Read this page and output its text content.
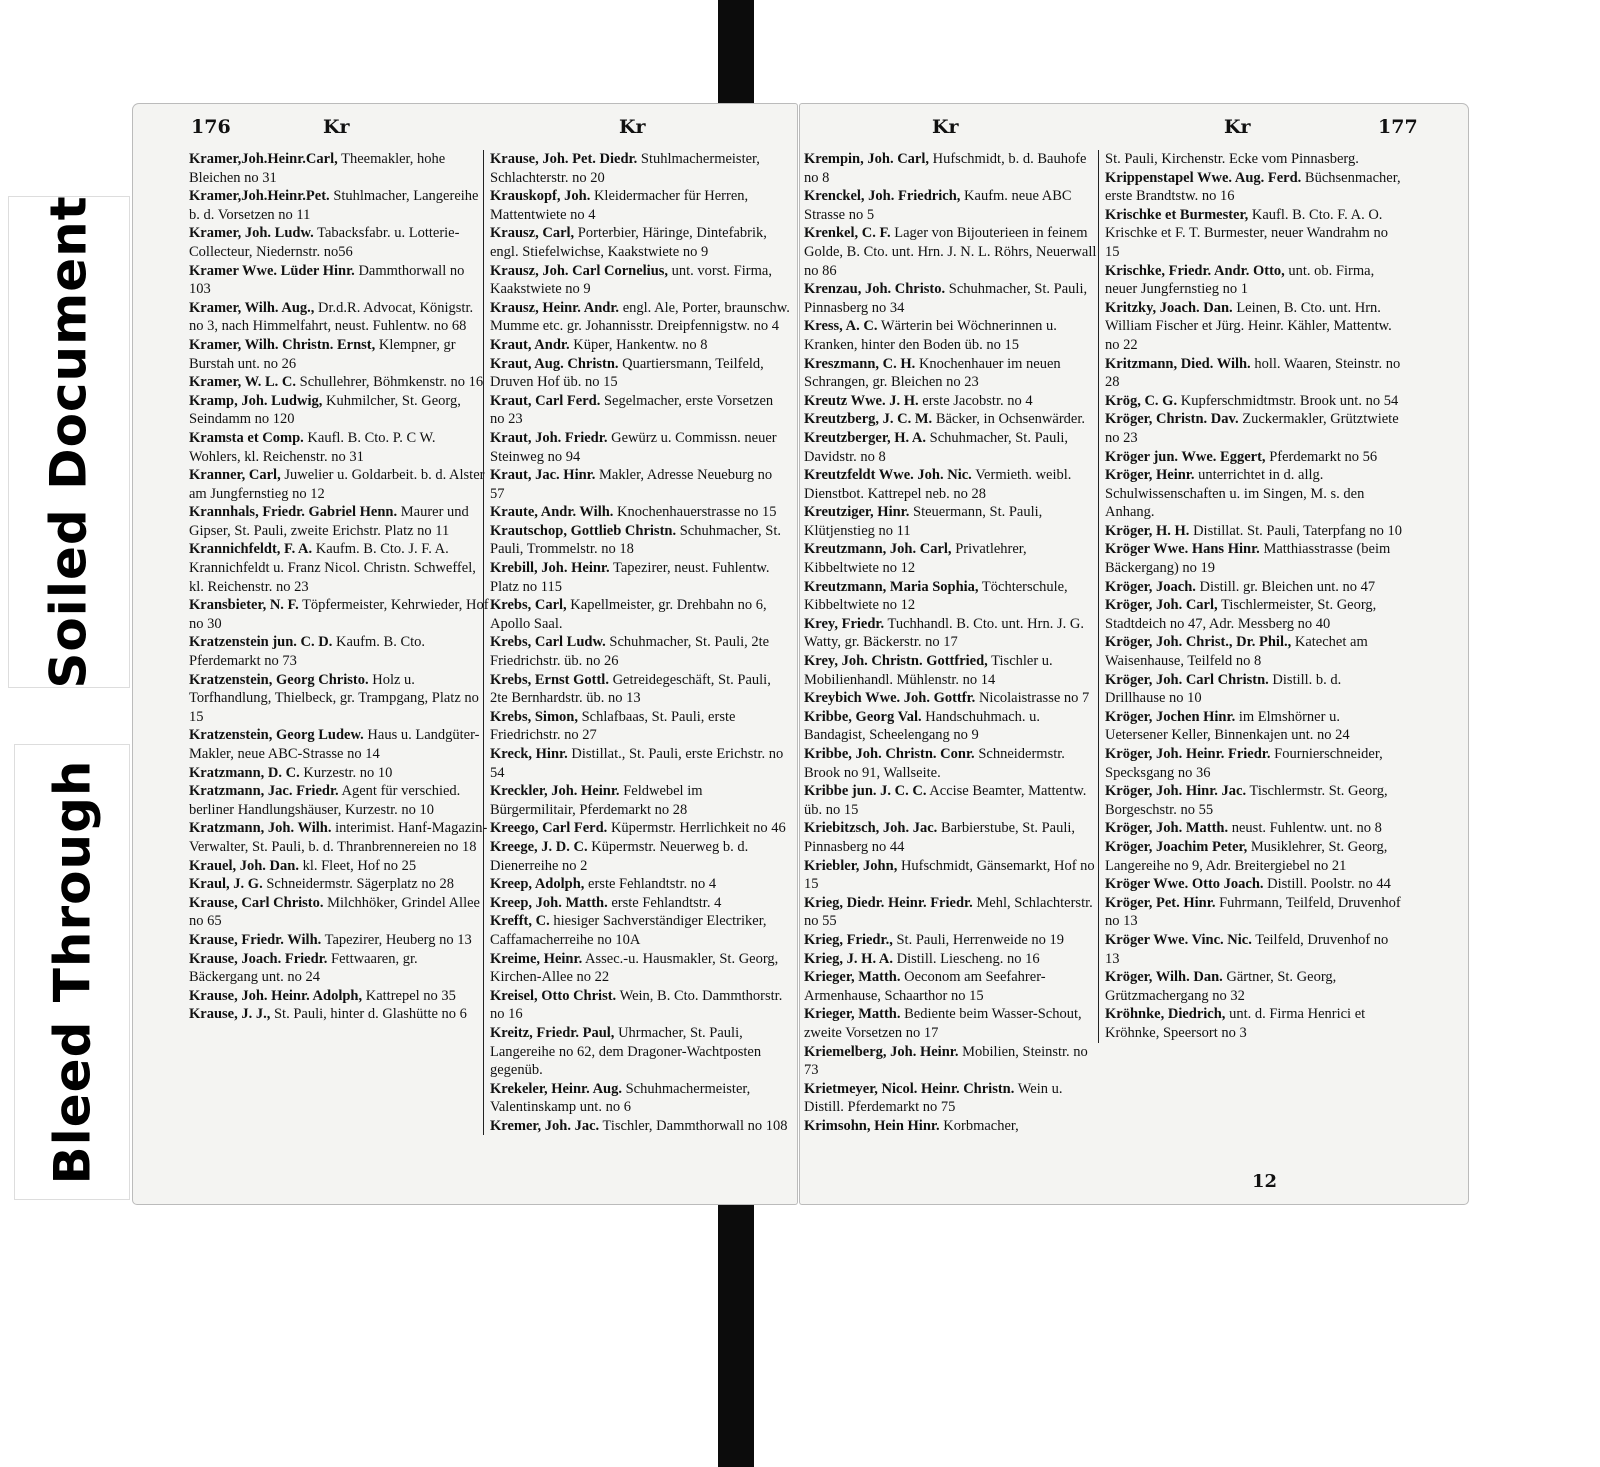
Soiled Document
Bleed Through
176	Kr	Kr

Kramer,Joh.Heinr.Carl, Theemakler, hohe Bleichen no 31

Kramer,Joh.Heinr.Pet. Stuhlmacher, Langereihe b. d. Vorsetzen no 11

Kramer, Joh. Ludw. Tabacksfabr. u. Lotterie-Collecteur, Niedernstr. no56

Kramer Wwe. Lüder Hinr. Dammthorwall no 103

Kramer, Wilh. Aug., Dr.d.R. Advocat, Königstr. no 3, nach Himmelfahrt, neust. Fuhlentw. no 68

Kramer, Wilh. Christn. Ernst, Klempner, gr Burstah unt. no 26

Kramer, W. L. C. Schullehrer, Böhmkenstr. no 16

Kramp, Joh. Ludwig, Kuhmilcher, St. Georg, Seindamm no 120

Kramsta et Comp. Kaufl. B. Cto. P. C W. Wohlers, kl. Reichenstr. no 31

Kranner, Carl, Juwelier u. Goldarbeit. b. d. Alster am Jungfernstieg no 12

Krannhals, Friedr. Gabriel Henn. Maurer und Gipser, St. Pauli, zweite Erichstr. Platz no 11

Krannichfeldt, F. A. Kaufm. B. Cto. J. F. A. Krannichfeldt u. Franz Nicol. Christn. Schweffel, kl. Reichenstr. no 23

Kransbieter, N. F. Töpfermeister, Kehrwieder, Hof no 30

Kratzenstein jun. C. D. Kaufm. B. Cto. Pferdemarkt no 73

Kratzenstein, Georg Christo. Holz u. Torfhandlung, Thielbeck, gr. Trampgang, Platz no 15

Kratzenstein, Georg Ludew. Haus u. Landgüter-Makler, neue ABC-Strasse no 14

Kratzmann, D. C. Kurzestr. no 10

Kratzmann, Jac. Friedr. Agent für verschied. berliner Handlungshäuser, Kurzestr. no 10

Kratzmann, Joh. Wilh. interimist. Hanf-Magazin-Verwalter, St. Pauli, b. d. Thranbrennereien no 18

Krauel, Joh. Dan. kl. Fleet, Hof no 25

Kraul, J. G. Schneidermstr. Sägerplatz no 28

Krause, Carl Christo. Milchhöker, Grindel Allee no 65

Krause, Friedr. Wilh. Tapezirer, Heuberg no 13

Krause, Joach. Friedr. Fettwaaren, gr. Bäckergang unt. no 24

Krause, Joh. Heinr. Adolph, Kattrepel no 35

Krause, J. J., St. Pauli, hinter d. Glashütte no 6

Krause, Joh. Pet. Diedr. Stuhlmachermeister, Schlachterstr. no 20

Krauskopf, Joh. Kleidermacher für Herren, Mattentwiete no 4

Krausz, Carl, Porterbier, Häringe, Dintefabrik, engl. Stiefelwichse, Kaakstwiete no 9

Krausz, Joh. Carl Cornelius, unt. vorst. Firma, Kaakstwiete no 9

Krausz, Heinr. Andr. engl. Ale, Porter, braunschw. Mumme etc. gr. Johannisstr. Dreipfennigstw. no 4

Kraut, Andr. Küper, Hankentw. no 8

Kraut, Aug. Christn. Quartiersmann, Teilfeld, Druven Hof üb. no 15

Kraut, Carl Ferd. Segelmacher, erste Vorsetzen no 23

Kraut, Joh. Friedr. Gewürz u. Commissn. neuer Steinweg no 94

Kraut, Jac. Hinr. Makler, Adresse Neueburg no 57

Kraute, Andr. Wilh. Knochenhauerstrasse no 15

Krautschop, Gottlieb Christn. Schuhmacher, St. Pauli, Trommelstr. no 18

Krebill, Joh. Heinr. Tapezirer, neust. Fuhlentw. Platz no 115

Krebs, Carl, Kapellmeister, gr. Drehbahn no 6, Apollo Saal.

Krebs, Carl Ludw. Schuhmacher, St. Pauli, 2te Friedrichstr. üb. no 26

Krebs, Ernst Gottl. Getreidegeschäft, St. Pauli, 2te Bernhardstr. üb. no 13

Krebs, Simon, Schlafbaas, St. Pauli, erste Friedrichstr. no 27

Kreck, Hinr. Distillat., St. Pauli, erste Erichstr. no 54

Kreckler, Joh. Heinr. Feldwebel im Bürgermilitair, Pferdemarkt no 28

Kreego, Carl Ferd. Küpermstr. Herrlichkeit no 46

Kreege, J. D. C. Küpermstr. Neuerweg b. d. Dienerreihe no 2

Kreep, Adolph, erste Fehlandtstr. no 4

Kreep, Joh. Matth. erste Fehlandtstr. 4

Krefft, C. hiesiger Sachverständiger Electriker, Caffamacherreihe no 10A

Kreime, Heinr. Assec.-u. Hausmakler, St. Georg, Kirchen-Allee no 22

Kreisel, Otto Christ. Wein, B. Cto. Dammthorstr. no 16

Kreitz, Friedr. Paul, Uhrmacher, St. Pauli, Langereihe no 62, dem Dragoner-Wachtposten gegenüb.

Krekeler, Heinr. Aug. Schuhmachermeister, Valentinskamp unt. no 6

Kremer, Joh. Jac. Tischler, Dammthorwall no 108

Kr	Kr	177

Krempin, Joh. Carl, Hufschmidt, b. d. Bauhofe no 8

Krenckel, Joh. Friedrich, Kaufm. neue ABC Strasse no 5

Krenkel, C. F. Lager von Bijouterieen in feinem Golde, B. Cto. unt. Hrn. J. N. L. Röhrs, Neuerwall no 86

Krenzau, Joh. Christo. Schuhmacher, St. Pauli, Pinnasberg no 34

Kress, A. C. Wärterin bei Wöchnerinnen u. Kranken, hinter den Boden üb. no 15

Kreszmann, C. H. Knochenhauer im neuen Schrangen, gr. Bleichen no 23

Kreutz Wwe. J. H. erste Jacobstr. no 4

Kreutzberg, J. C. M. Bäcker, in Ochsenwärder.

Kreutzberger, H. A. Schuhmacher, St. Pauli, Davidstr. no 8

Kreutzfeldt Wwe. Joh. Nic. Vermieth. weibl. Dienstbot. Kattrepel neb. no 28

Kreutziger, Hinr. Steuermann, St. Pauli, Klütjenstieg no 11

Kreutzmann, Joh. Carl, Privatlehrer, Kibbeltwiete no 12

Kreutzmann, Maria Sophia, Töchterschule, Kibbeltwiete no 12

Krey, Friedr. Tuchhandl. B. Cto. unt. Hrn. J. G. Watty, gr. Bäckerstr. no 17

Krey, Joh. Christn. Gottfried, Tischler u. Mobilienhandl. Mühlenstr. no 14

Kreybich Wwe. Joh. Gottfr. Nicolaistrasse no 7

Kribbe, Georg Val. Handschuhmach. u. Bandagist, Scheelengang no 9

Kribbe, Joh. Christn. Conr. Schneidermstr. Brook no 91, Wallseite.

Kribbe jun. J. C. C. Accise Beamter, Mattentw. üb. no 15

Kriebitzsch, Joh. Jac. Barbierstube, St. Pauli, Pinnasberg no 44

Kriebler, John, Hufschmidt, Gänsemarkt, Hof no 15

Krieg, Diedr. Heinr. Friedr. Mehl, Schlachterstr. no 55

Krieg, Friedr., St. Pauli, Herrenweide no 19

Krieg, J. H. A. Distill. Liescheng. no 16

Krieger, Matth. Oeconom am Seefahrer-Armenhause, Schaarthor no 15

Krieger, Matth. Bediente beim Wasser-Schout, zweite Vorsetzen no 17

Kriemelberg, Joh. Heinr. Mobilien, Steinstr. no 73

Krietmeyer, Nicol. Heinr. Christn. Wein u. Distill. Pferdemarkt no 75

Krimsohn, Hein Hinr. Korbmacher,

St. Pauli, Kirchenstr. Ecke vom Pinnasberg.

Krippenstapel Wwe. Aug. Ferd. Büchsenmacher, erste Brandtstw. no 16

Krischke et Burmester, Kaufl. B. Cto. F. A. O. Krischke et F. T. Burmester, neuer Wandrahm no 15

Krischke, Friedr. Andr. Otto, unt. ob. Firma, neuer Jungfernstieg no 1

Kritzky, Joach. Dan. Leinen, B. Cto. unt. Hrn. William Fischer et Jürg. Heinr. Kähler, Mattentw. no 22

Kritzmann, Died. Wilh. holl. Waaren, Steinstr. no 28

Krög, C. G. Kupferschmidtmstr. Brook unt. no 54

Kröger, Christn. Dav. Zuckermakler, Grütztwiete no 23

Kröger jun. Wwe. Eggert, Pferdemarkt no 56

Kröger, Heinr. unterrichtet in d. allg. Schulwissenschaften u. im Singen, M. s. den Anhang.

Kröger, H. H. Distillat. St. Pauli, Taterpfang no 10

Kröger Wwe. Hans Hinr. Matthiasstrasse (beim Bäckergang) no 19

Kröger, Joach. Distill. gr. Bleichen unt. no 47

Kröger, Joh. Carl, Tischlermeister, St. Georg, Stadtdeich no 47, Adr. Messberg no 40

Kröger, Joh. Christ., Dr. Phil., Katechet am Waisenhause, Teilfeld no 8

Kröger, Joh. Carl Christn. Distill. b. d. Drillhause no 10

Kröger, Jochen Hinr. im Elmshörner u. Uetersener Keller, Binnenkajen unt. no 24

Kröger, Joh. Heinr. Friedr. Fournierschneider, Specksgang no 36

Kröger, Joh. Hinr. Jac. Tischlermstr. St. Georg, Borgeschstr. no 55

Kröger, Joh. Matth. neust. Fuhlentw. unt. no 8

Kröger, Joachim Peter, Musiklehrer, St. Georg, Langereihe no 9, Adr. Breitergiebel no 21

Kröger Wwe. Otto Joach. Distill. Poolstr. no 44

Kröger, Pet. Hinr. Fuhrmann, Teilfeld, Druvenhof no 13

Kröger Wwe. Vinc. Nic. Teilfeld, Druvenhof no 13

Kröger, Wilh. Dan. Gärtner, St. Georg, Grützmachergang no 32

Kröhnke, Diedrich, unt. d. Firma Henrici et Kröhnke, Speersort no 3

12
